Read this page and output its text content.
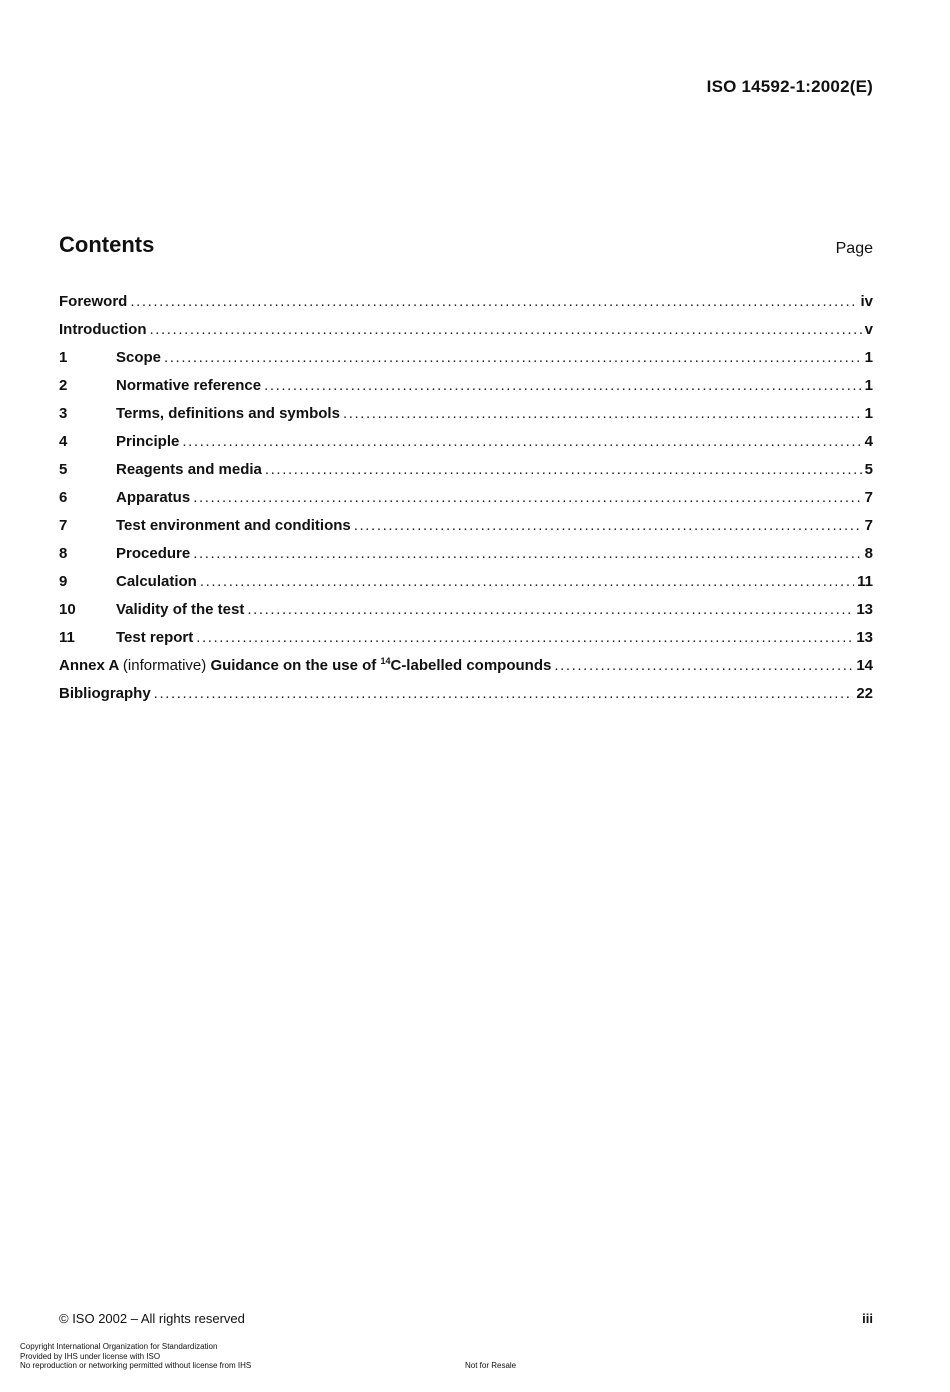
ISO 14592-1:2002(E)
Contents	Page
Foreword .....	iv
Introduction .....	v
1	Scope .....	1
2	Normative reference .....	1
3	Terms, definitions and symbols .....	1
4	Principle .....	4
5	Reagents and media .....	5
6	Apparatus .....	7
7	Test environment and conditions .....	7
8	Procedure .....	8
9	Calculation .....	11
10	Validity of the test .....	13
11	Test report .....	13
Annex A (informative) Guidance on the use of $^{14}$C-labelled compounds .....	14
Bibliography .....	22
© ISO 2002 – All rights reserved	iii
Copyright International Organization for Standardization
Provided by IHS under license with ISO
No reproduction or networking permitted without license from IHS	Not for Resale
